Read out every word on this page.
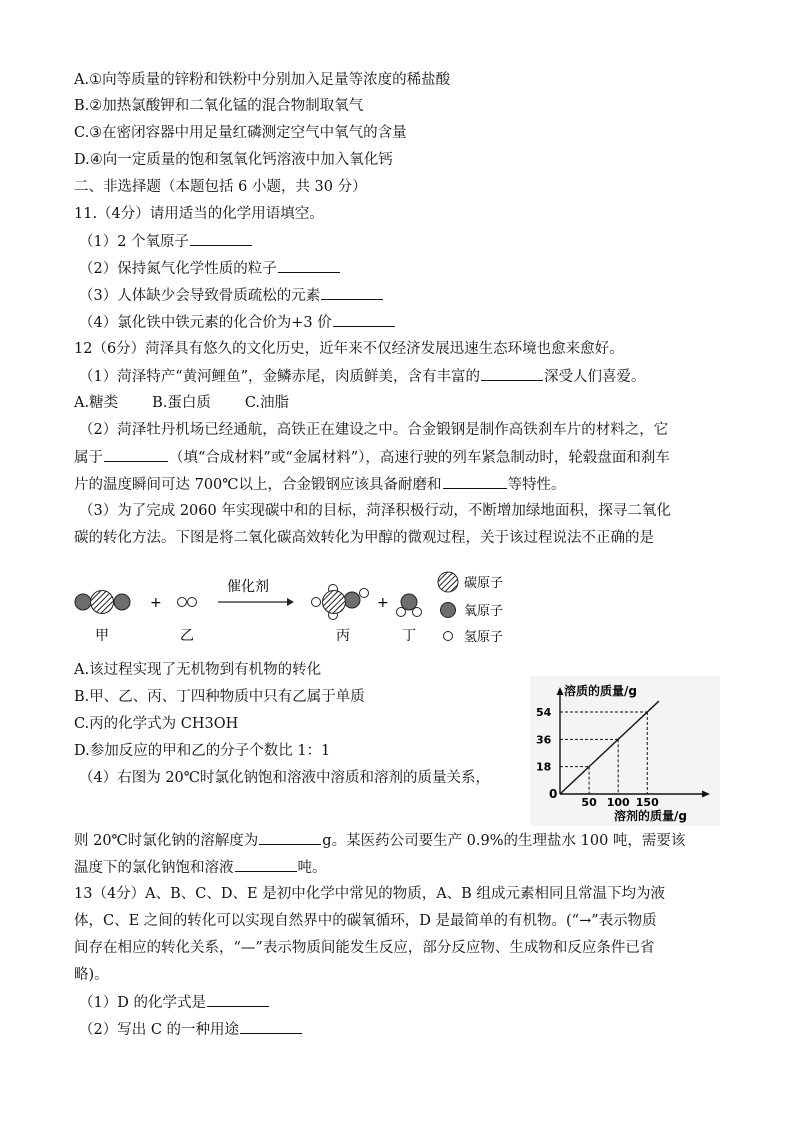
A.①向等质量的锌粉和铁粉中分别加入足量等浓度的稀盐酸
B.②加热氯酸钾和二氧化锰的混合物制取氧气
C.③在密闭容器中用足量红磷测定空气中氧气的含量
D.④向一定质量的饱和氢氧化钙溶液中加入氧化钙
二、非选择题（本题包括 6 小题，共 30 分）
11.（4分）请用适当的化学用语填空。
（1）2 个氧原子
（2）保持氮气化学性质的粒子
（3）人体缺少会导致骨质疏松的元素
（4）氯化铁中铁元素的化合价为+3 价
12（6分）菏泽具有悠久的文化历史，近年来不仅经济发展迅速生态环境也愈来愈好。
（1）菏泽特产“黄河鲤鱼”，金鳞赤尾，肉质鲜美，含有丰富的	深受人们喜爱。
A.糖类 B.蛋白质 C.油脂
（2）菏泽牡丹机场已经通航，高铁正在建设之中。合金锻钢是制作高铁刹车片的材料之，它
属于	（填“合成材料”或“金属材料”），高速行驶的列车紧急制动时，轮毂盘面和刹车
片的温度瞬间可达 700℃以上，合金锻钢应该具备耐磨和	等特性。
（3）为了完成 2060 年实现碳中和的目标，菏泽积极行动，不断增加绿地面积，探寻二氧化
碳的转化方法。下图是将二氧化碳高效转化为甲醇的微观过程，关于该过程说法不正确的是
+
催化剂
+
甲	乙	丙	丁
碳原子
氧原子
氢原子
A.该过程实现了无机物到有机物的转化
B.甲、乙、丙、丁四种物质中只有乙属于单质
C.丙的化学式为 CH3OH
D.参加反应的甲和乙的分子个数比 1：1
（4）右图为 20℃时氯化钠饱和溶液中溶质和溶剂的质量关系，
溶质的质量/g
溶剂的质量/g
0
18
36
54
50 100 150
则 20℃时氯化钠的溶解度为	g。某医药公司要生产 0.9%的生理盐水 100 吨，需要该
温度下的氯化钠饱和溶液	吨。
13（4分）A、B、C、D、E 是初中化学中常见的物质，A、B 组成元素相同且常温下均为液
体，C、E 之间的转化可以实现自然界中的碳氧循环，D 是最简单的有机物。(“→”表示物质
间存在相应的转化关系，“—”表示物质间能发生反应，部分反应物、生成物和反应条件已省
略)。
（1）D 的化学式是
（2）写出 C 的一种用途
